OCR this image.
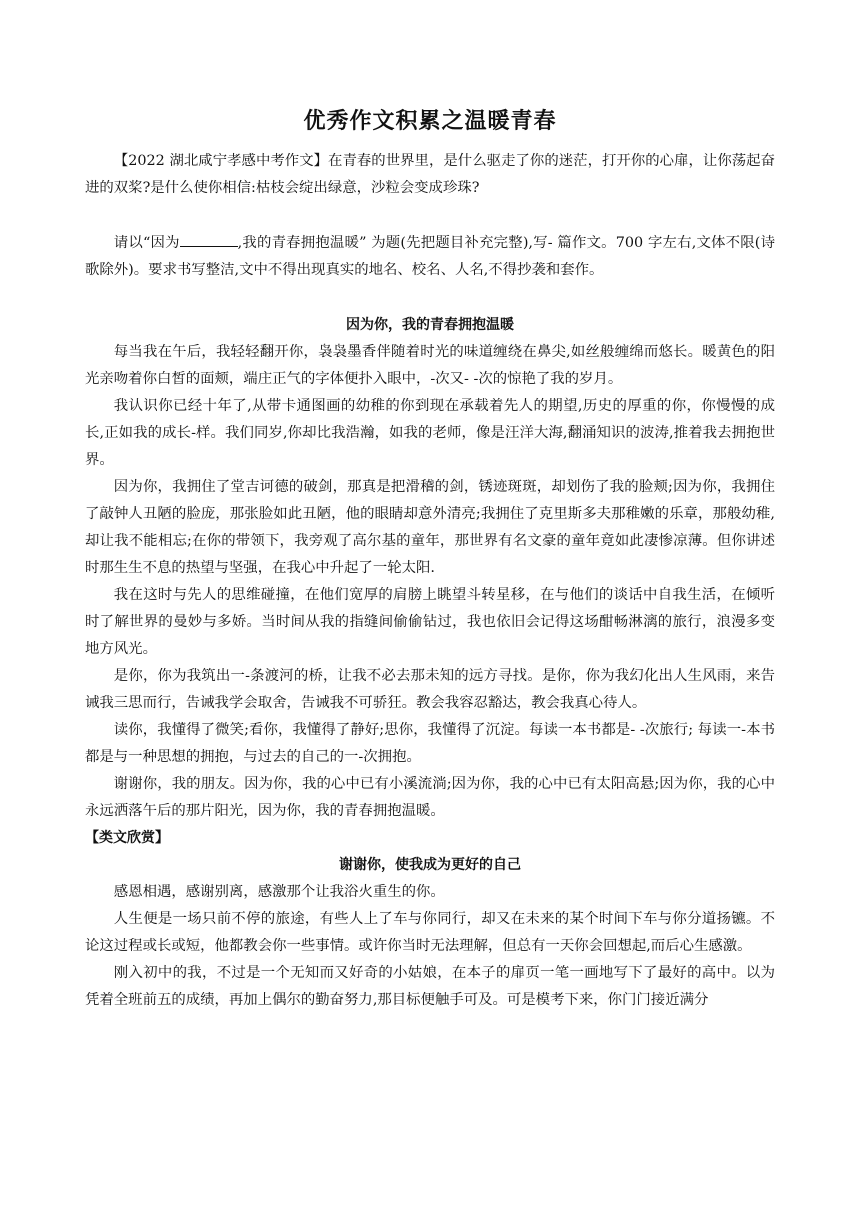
优秀作文积累之温暖青春

【2022 湖北咸宁孝感中考作文】在青春的世界里，是什么驱走了你的迷茫，打开你的心扉，让你荡起奋进的双桨?是什么使你相信:枯枝会绽出绿意，沙粒会变成珍珠?

请以“因为	,我的青春拥抱温暖” 为题(先把题目补充完整),写- 篇作文。700 字左右,文体不限(诗歌除外)。要求书写整洁,文中不得出现真实的地名、校名、人名,不得抄袭和套作。

因为你，我的青春拥抱温暖

每当我在午后，我轻轻翻开你，袅袅墨香伴随着时光的味道缠绕在鼻尖,如丝般缠绵而悠长。暖黄色的阳光亲吻着你白皙的面颊，端庄正气的字体便扑入眼中，-次又- -次的惊艳了我的岁月。

我认识你已经十年了,从带卡通图画的幼稚的你到现在承载着先人的期望,历史的厚重的你，你慢慢的成长,正如我的成长-样。我们同岁,你却比我浩瀚，如我的老师，像是汪洋大海,翻涌知识的波涛,推着我去拥抱世界。

因为你，我拥住了堂吉诃德的破剑，那真是把滑稽的剑，锈迹斑斑，却划伤了我的脸颊;因为你，我拥住了敲钟人丑陋的脸庞，那张脸如此丑陋，他的眼睛却意外清亮;我拥住了克里斯多夫那稚嫩的乐章，那般幼稚,却让我不能相忘;在你的带领下，我旁观了高尔基的童年，那世界有名文豪的童年竟如此凄惨凉薄。但你讲述时那生生不息的热望与坚强，在我心中升起了一轮太阳.

我在这时与先人的思维碰撞，在他们宽厚的肩膀上眺望斗转星移，在与他们的谈话中自我生活，在倾听时了解世界的曼妙与多娇。当时间从我的指缝间偷偷钻过，我也依旧会记得这场酣畅淋漓的旅行，浪漫多变地方风光。

是你，你为我筑出一-条渡河的桥，让我不必去那未知的远方寻找。是你，你为我幻化出人生风雨，来告诫我三思而行，告诫我学会取舍，告诫我不可骄狂。教会我容忍豁达，教会我真心待人。

读你，我懂得了微笑;看你，我懂得了静好;思你，我懂得了沉淀。每读一本书都是- -次旅行; 每读一-本书都是与一种思想的拥抱，与过去的自己的一-次拥抱。

谢谢你，我的朋友。因为你，我的心中已有小溪流淌;因为你，我的心中已有太阳高悬;因为你，我的心中永远洒落午后的那片阳光，因为你，我的青春拥抱温暖。

【类文欣赏】

谢谢你，使我成为更好的自己

感恩相遇，感谢别离，感激那个让我浴火重生的你。

人生便是一场只前不停的旅途，有些人上了车与你同行，却又在未来的某个时间下车与你分道扬镳。不论这过程或长或短，他都教会你一些事情。或许你当时无法理解，但总有一天你会回想起,而后心生感激。

刚入初中的我，不过是一个无知而又好奇的小姑娘，在本子的扉页一笔一画地写下了最好的高中。以为凭着全班前五的成绩，再加上偶尔的勤奋努力,那目标便触手可及。可是模考下来，你门门接近满分
